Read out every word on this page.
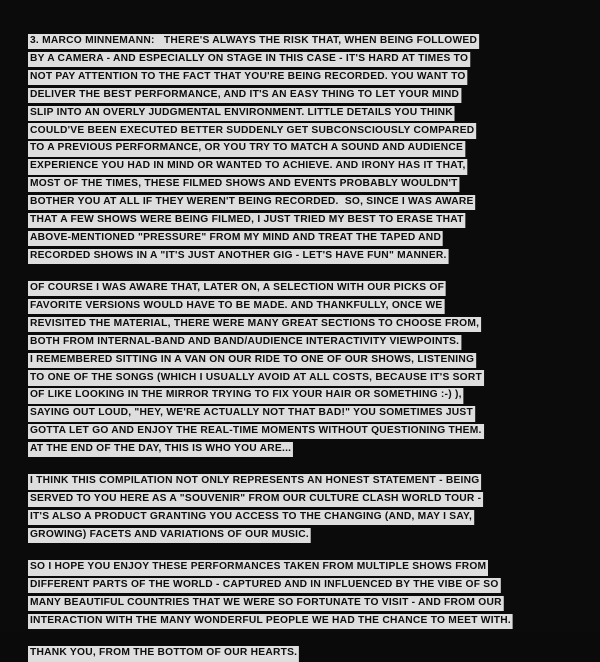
3. MARCO MINNEMANN:   THERE'S ALWAYS THE RISK THAT, WHEN BEING FOLLOWED
BY A CAMERA - AND ESPECIALLY ON STAGE IN THIS CASE - IT'S HARD AT TIMES TO
NOT PAY ATTENTION TO THE FACT THAT YOU'RE BEING RECORDED. YOU WANT TO
DELIVER THE BEST PERFORMANCE, AND IT'S AN EASY THING TO LET YOUR MIND
SLIP INTO AN OVERLY JUDGMENTAL ENVIRONMENT. LITTLE DETAILS YOU THINK
COULD'VE BEEN EXECUTED BETTER SUDDENLY GET SUBCONSCIOUSLY COMPARED
TO A PREVIOUS PERFORMANCE, OR YOU TRY TO MATCH A SOUND AND AUDIENCE
EXPERIENCE YOU HAD IN MIND OR WANTED TO ACHIEVE. AND IRONY HAS IT THAT,
MOST OF THE TIMES, THESE FILMED SHOWS AND EVENTS PROBABLY WOULDN'T
BOTHER YOU AT ALL IF THEY WEREN'T BEING RECORDED.  SO, SINCE I WAS AWARE
THAT A FEW SHOWS WERE BEING FILMED, I JUST TRIED MY BEST TO ERASE THAT
ABOVE-MENTIONED "PRESSURE" FROM MY MIND AND TREAT THE TAPED AND
RECORDED SHOWS IN A "IT'S JUST ANOTHER GIG - LET'S HAVE FUN" MANNER.
OF COURSE I WAS AWARE THAT, LATER ON, A SELECTION WITH OUR PICKS OF
FAVORITE VERSIONS WOULD HAVE TO BE MADE. AND THANKFULLY, ONCE WE
REVISITED THE MATERIAL, THERE WERE MANY GREAT SECTIONS TO CHOOSE FROM,
BOTH FROM INTERNAL-BAND AND BAND/AUDIENCE INTERACTIVITY VIEWPOINTS.
I REMEMBERED SITTING IN A VAN ON OUR RIDE TO ONE OF OUR SHOWS, LISTENING
TO ONE OF THE SONGS (WHICH I USUALLY AVOID AT ALL COSTS, BECAUSE IT'S SORT
OF LIKE LOOKING IN THE MIRROR TRYING TO FIX YOUR HAIR OR SOMETHING :-) ),
SAYING OUT LOUD, "HEY, WE'RE ACTUALLY NOT THAT BAD!" YOU SOMETIMES JUST
GOTTA LET GO AND ENJOY THE REAL-TIME MOMENTS WITHOUT QUESTIONING THEM.
AT THE END OF THE DAY, THIS IS WHO YOU ARE...
I THINK THIS COMPILATION NOT ONLY REPRESENTS AN HONEST STATEMENT - BEING
SERVED TO YOU HERE AS A "SOUVENIR" FROM OUR CULTURE CLASH WORLD TOUR -
IT'S ALSO A PRODUCT GRANTING YOU ACCESS TO THE CHANGING (AND, MAY I SAY,
GROWING) FACETS AND VARIATIONS OF OUR MUSIC.
SO I HOPE YOU ENJOY THESE PERFORMANCES TAKEN FROM MULTIPLE SHOWS FROM
DIFFERENT PARTS OF THE WORLD - CAPTURED AND IN INFLUENCED BY THE VIBE OF SO
MANY BEAUTIFUL COUNTRIES THAT WE WERE SO FORTUNATE TO VISIT - AND FROM OUR
INTERACTION WITH THE MANY WONDERFUL PEOPLE WE HAD THE CHANCE TO MEET WITH.
THANK YOU, FROM THE BOTTOM OF OUR HEARTS.
